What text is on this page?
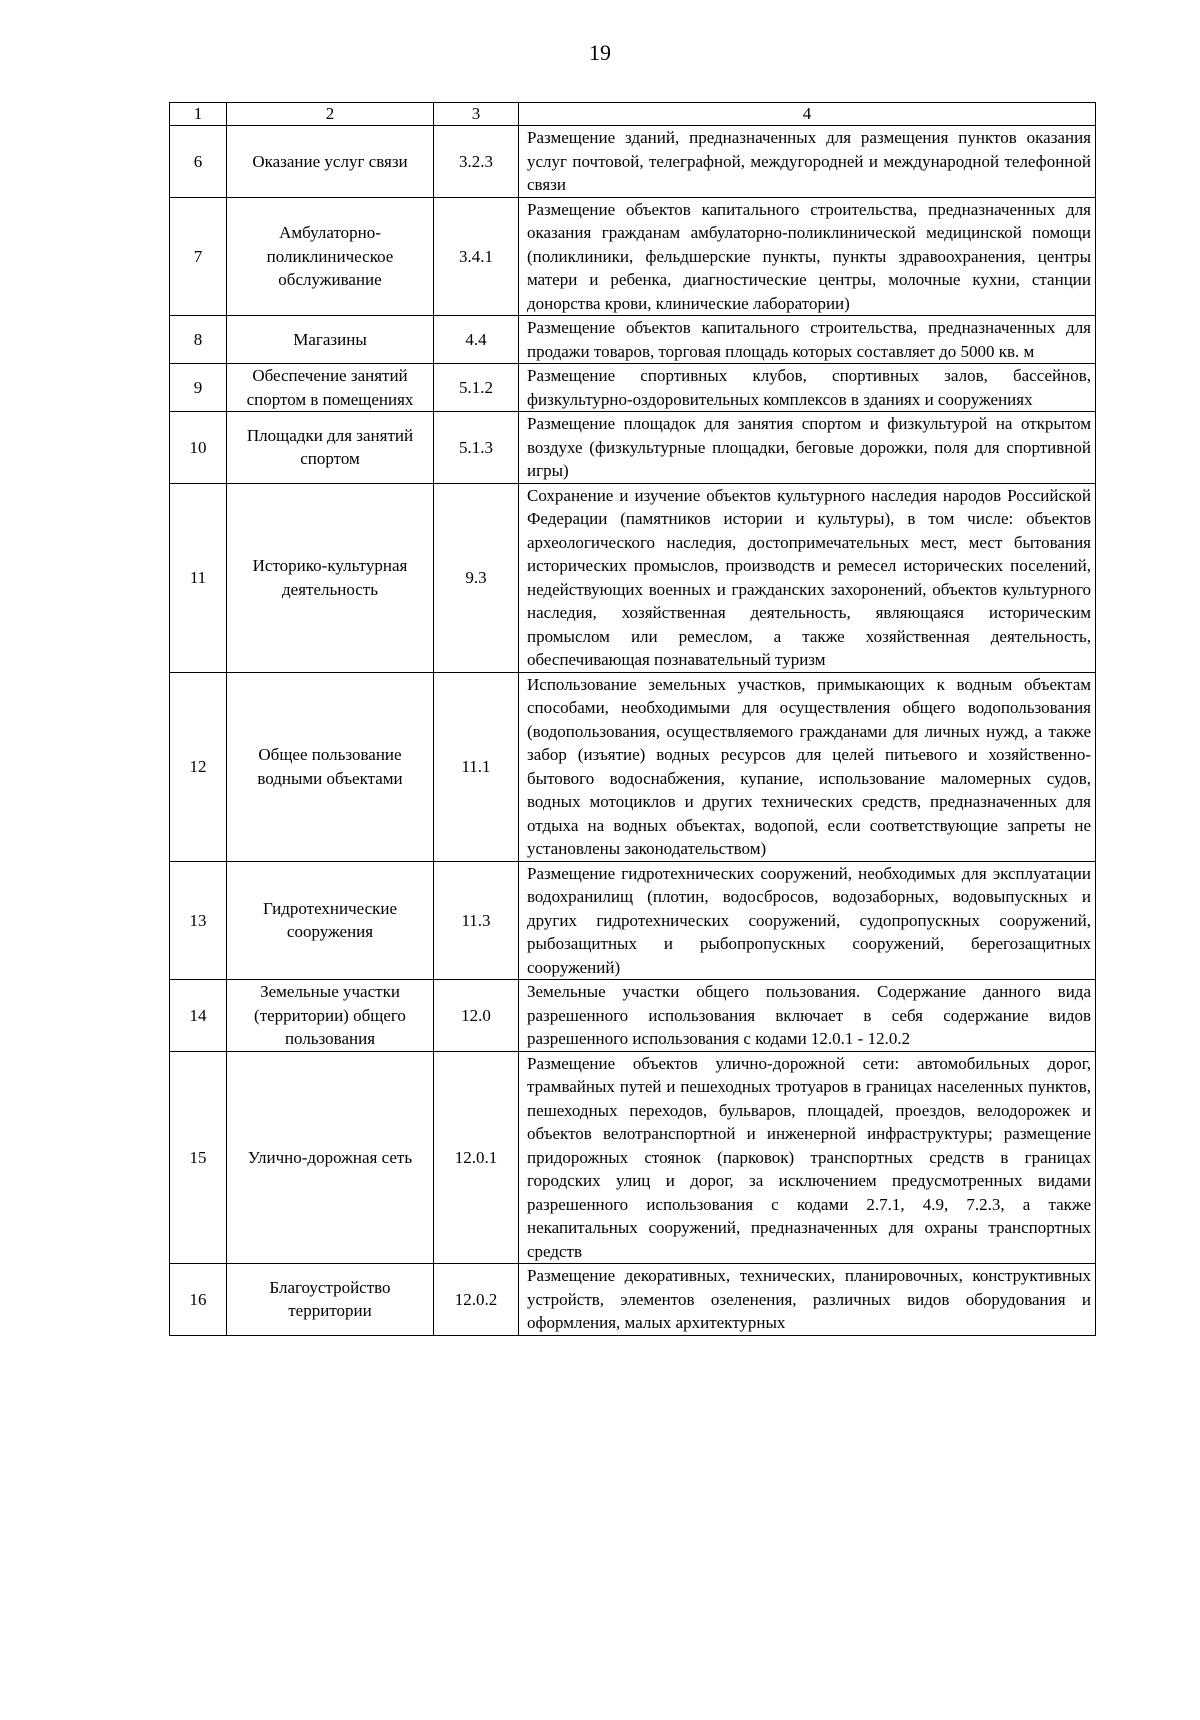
19
1	2	3	4
6	Оказание услуг связи	3.2.3	Размещение зданий, предназначенных для размещения пунктов оказания услуг почтовой, телеграфной, междугородней и международной телефонной связи
7	Амбулаторно-поликлиническое обслуживание	3.4.1	Размещение объектов капитального строительства, предназначенных для оказания гражданам амбулаторно-поликлинической медицинской помощи (поликлиники, фельдшерские пункты, пункты здравоохранения, центры матери и ребенка, диагностические центры, молочные кухни, станции донорства крови, клинические лаборатории)
8	Магазины	4.4	Размещение объектов капитального строительства, предназначенных для продажи товаров, торговая площадь которых составляет до 5000 кв. м
9	Обеспечение занятий спортом в помещениях	5.1.2	Размещение спортивных клубов, спортивных залов, бассейнов, физкультурно-оздоровительных комплексов в зданиях и сооружениях
10	Площадки для занятий спортом	5.1.3	Размещение площадок для занятия спортом и физкультурой на открытом воздухе (физкультурные площадки, беговые дорожки, поля для спортивной игры)
11	Историко-культурная деятельность	9.3	Сохранение и изучение объектов культурного наследия народов Российской Федерации (памятников истории и культуры), в том числе: объектов археологического наследия, достопримечательных мест, мест бытования исторических промыслов, производств и ремесел исторических поселений, недействующих военных и гражданских захоронений, объектов культурного наследия, хозяйственная деятельность, являющаяся историческим промыслом или ремеслом, а также хозяйственная деятельность, обеспечивающая познавательный туризм
12	Общее пользование водными объектами	11.1	Использование земельных участков, примыкающих к водным объектам способами, необходимыми для осуществления общего водопользования (водопользования, осуществляемого гражданами для личных нужд, а также забор (изъятие) водных ресурсов для целей питьевого и хозяйственно-бытового водоснабжения, купание, использование маломерных судов, водных мотоциклов и других технических средств, предназначенных для отдыха на водных объектах, водопой, если соответствующие запреты не установлены законодательством)
13	Гидротехнические сооружения	11.3	Размещение гидротехнических сооружений, необходимых для эксплуатации водохранилищ (плотин, водосбросов, водозаборных, водовыпускных и других гидротехнических сооружений, судопропускных сооружений, рыбозащитных и рыбопропускных сооружений, берегозащитных сооружений)
14	Земельные участки (территории) общего пользования	12.0	Земельные участки общего пользования. Содержание данного вида разрешенного использования включает в себя содержание видов разрешенного использования с кодами 12.0.1 - 12.0.2
15	Улично-дорожная сеть	12.0.1	Размещение объектов улично-дорожной сети: автомобильных дорог, трамвайных путей и пешеходных тротуаров в границах населенных пунктов, пешеходных переходов, бульваров, площадей, проездов, велодорожек и объектов велотранспортной и инженерной инфраструктуры; размещение придорожных стоянок (парковок) транспортных средств в границах городских улиц и дорог, за исключением предусмотренных видами разрешенного использования с кодами 2.7.1, 4.9, 7.2.3, а также некапитальных сооружений, предназначенных для охраны транспортных средств
16	Благоустройство территории	12.0.2	Размещение декоративных, технических, планировочных, конструктивных устройств, элементов озеленения, различных видов оборудования и оформления, малых архитектурных
